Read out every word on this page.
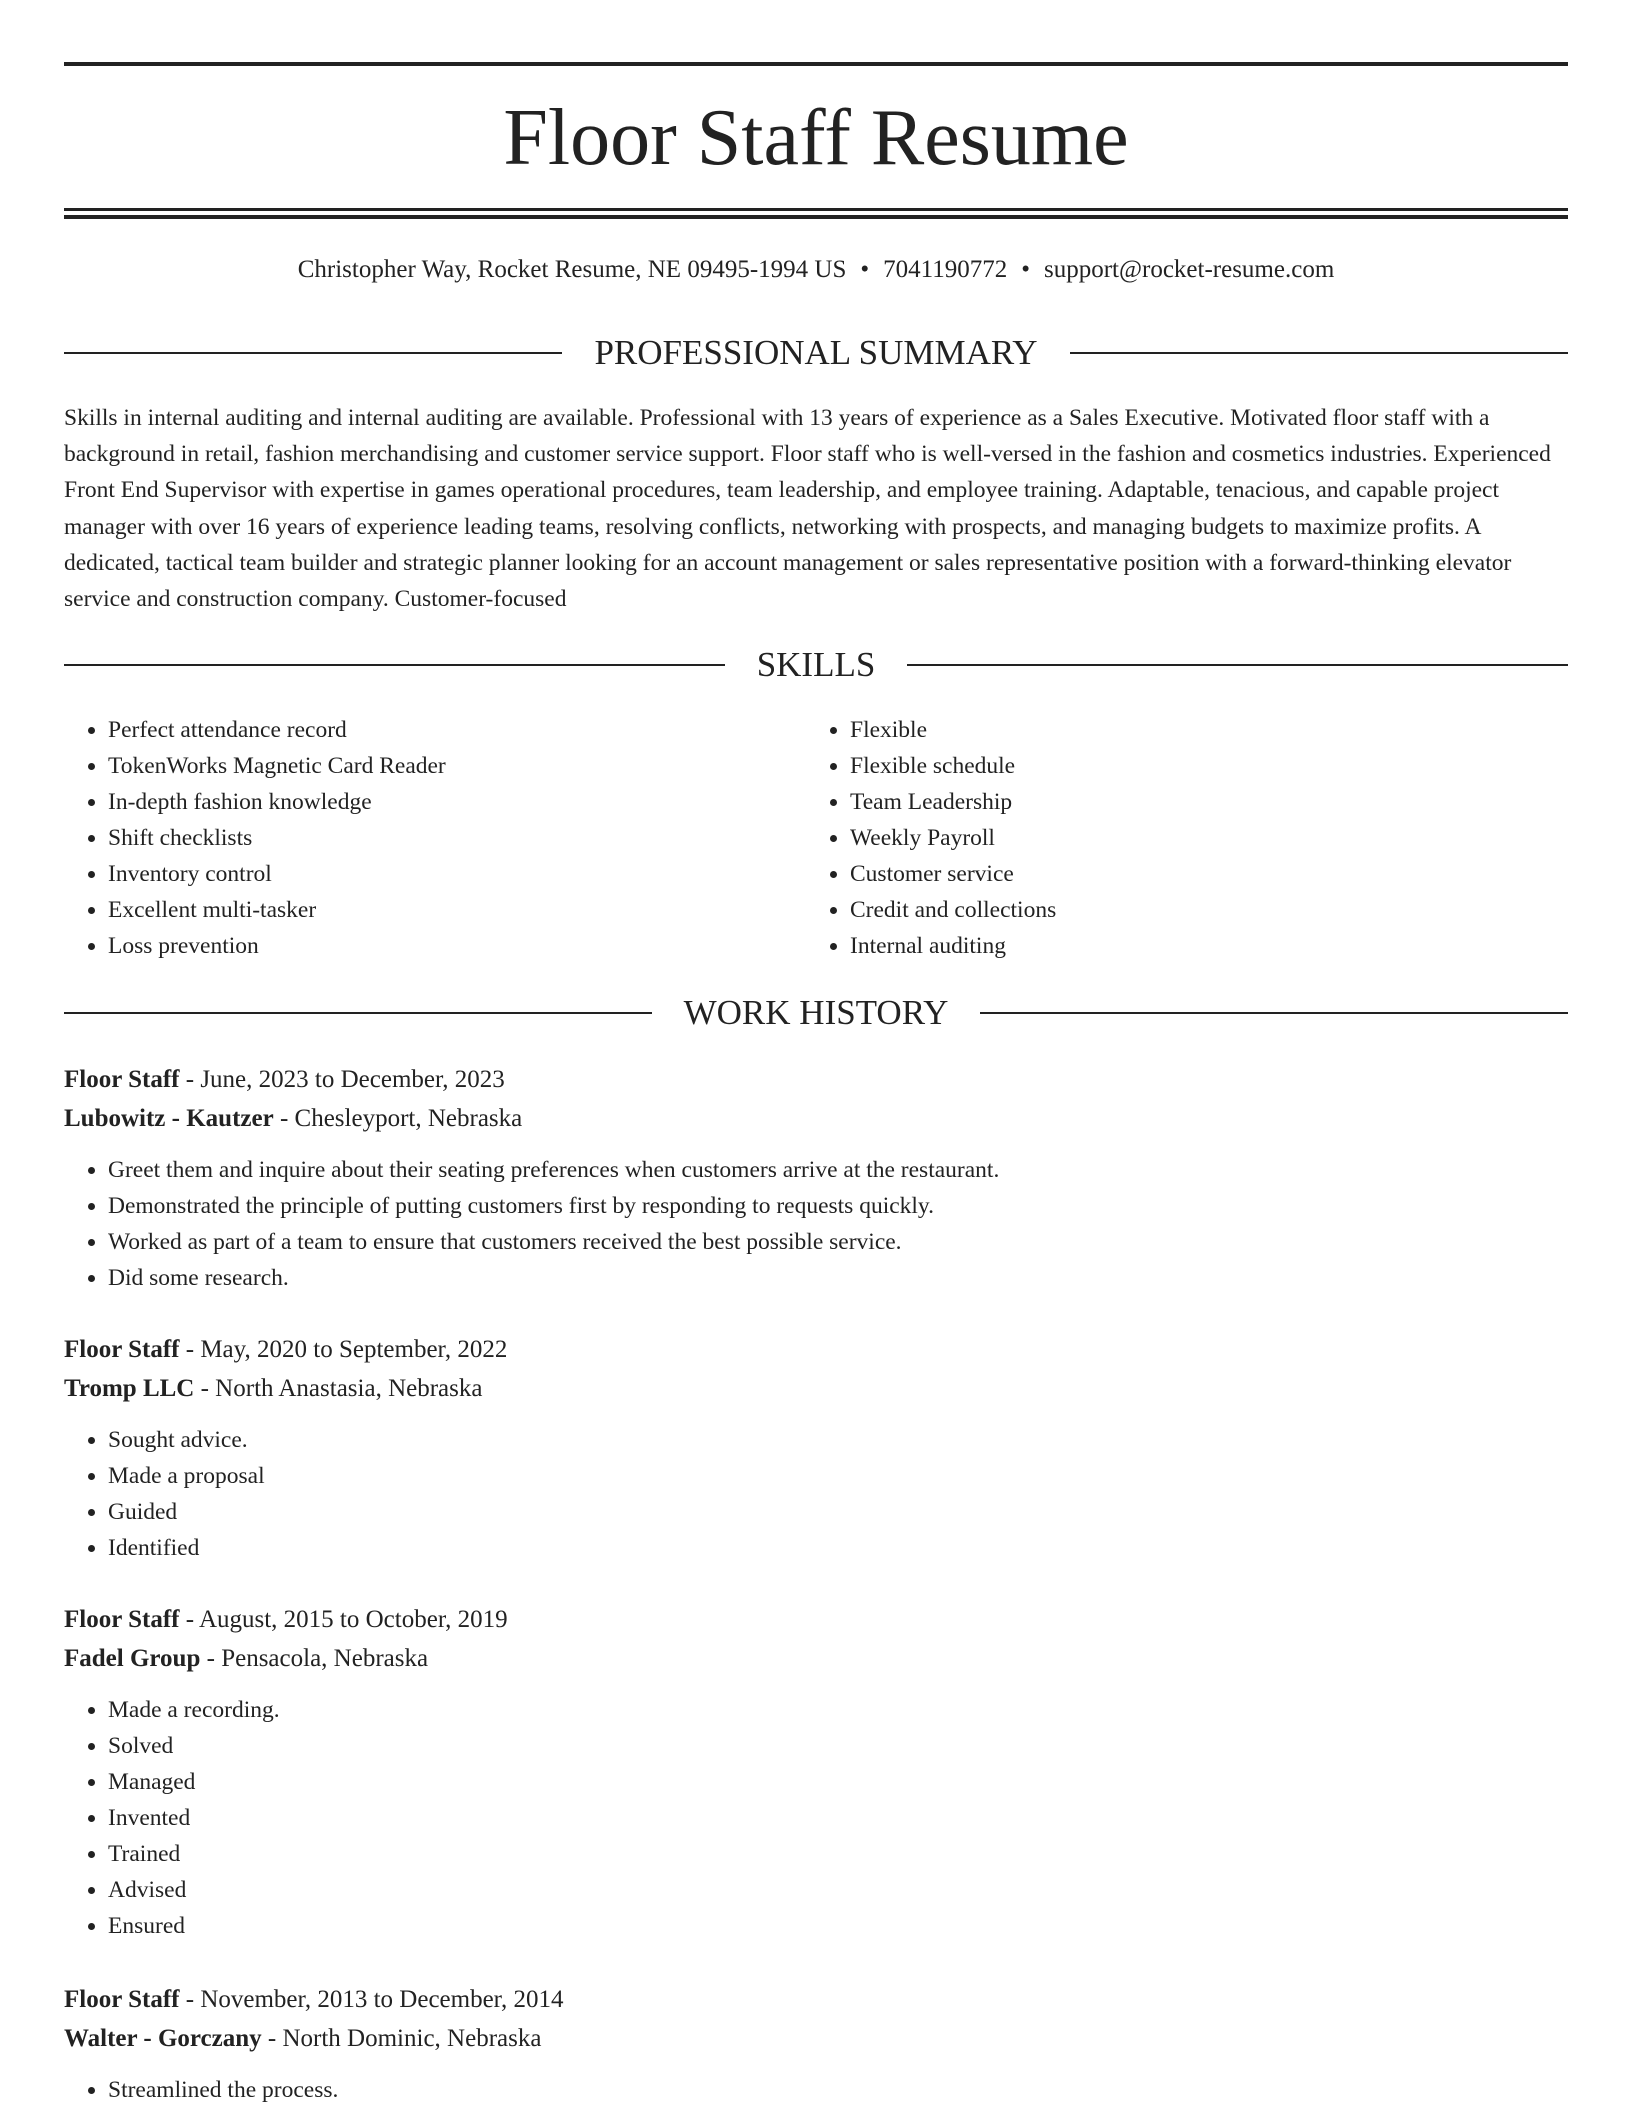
Floor Staff Resume
Christopher Way, Rocket Resume, NE 09495-1994 US • 7041190772 • support@rocket-resume.com
PROFESSIONAL SUMMARY

Skills in internal auditing and internal auditing are available. Professional with 13 years of experience as a Sales Executive. Motivated floor staff with a background in retail, fashion merchandising and customer service support. Floor staff who is well-versed in the fashion and cosmetics industries. Experienced Front End Supervisor with expertise in games operational procedures, team leadership, and employee training. Adaptable, tenacious, and capable project manager with over 16 years of experience leading teams, resolving conflicts, networking with prospects, and managing budgets to maximize profits. A dedicated, tactical team builder and strategic planner looking for an account management or sales representative position with a forward-thinking elevator service and construction company. Customer-focused

SKILLS
• Perfect attendance record
• TokenWorks Magnetic Card Reader
• In-depth fashion knowledge
• Shift checklists
• Inventory control
• Excellent multi-tasker
• Loss prevention
• Flexible
• Flexible schedule
• Team Leadership
• Weekly Payroll
• Customer service
• Credit and collections
• Internal auditing
WORK HISTORY
Floor Staff - June, 2023 to December, 2023
Lubowitz - Kautzer - Chesleyport, Nebraska
• Greet them and inquire about their seating preferences when customers arrive at the restaurant.
• Demonstrated the principle of putting customers first by responding to requests quickly.
• Worked as part of a team to ensure that customers received the best possible service.
• Did some research.
Floor Staff - May, 2020 to September, 2022
Tromp LLC - North Anastasia, Nebraska
• Sought advice.
• Made a proposal
• Guided
• Identified
Floor Staff - August, 2015 to October, 2019
Fadel Group - Pensacola, Nebraska
• Made a recording.
• Solved
• Managed
• Invented
• Trained
• Advised
• Ensured
Floor Staff - November, 2013 to December, 2014
Walter - Gorczany - North Dominic, Nebraska
• Streamlined the process.
